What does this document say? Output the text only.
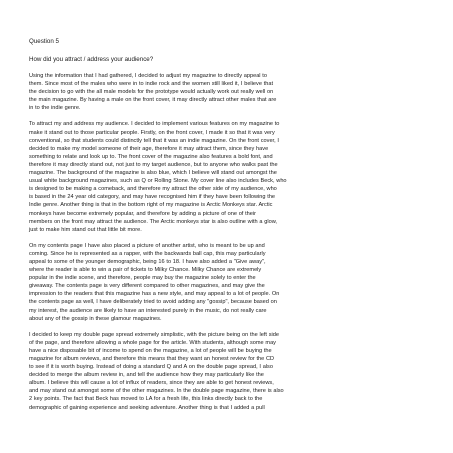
Question 5
How did you attract / address your audience?
Using the information that I had gathered, I decided to adjust my magazine to directly appeal to
them. Since most of the males who were in to indie rock and the women still liked it, I believe that
the decision to go with the all male models for the prototype would actually work out really well on
the main magazine. By having a male on the front cover, it may directly attract other males that are
in to the indie genre.
To attract my and address my audience. I decided to implement various features on my magazine to
make it stand out to those particular people. Firstly, on the front cover, I made it so that it was very
conventional, so that students could distinctly tell that it was an indie magazine. On the front cover, I
decided to make my model someone of their age, therefore it may attract them, since they have
something to relate and look up to. The front cover of the magazine also features a bold font, and
therefore it may directly stand out, not just to my target audience, but to anyone who walks past the
magazine. The background of the magazine is also blue, which I believe will stand out amongst the
usual white background magazines, such as Q or Rolling Stone. My cover line also includes Beck, who
is designed to be making a comeback, and therefore my attract the other side of my audience, who
is based in the 24 year old category, and may have recognised him if they have been following the
Indie genre. Another thing is that in the bottom right of my magazine is Arctic Monkeys star. Arctic
monkeys have become extremely popular, and therefore by adding a picture of one of their
members on the front may attract the audience. The Arctic monkeys star is also outline with a glow,
just to make him stand out that little bit more.
On my contents page I have also placed a picture of another artist, who is meant to be up and
coming. Since he is represented as a rapper, with the backwards ball cap, this may particularly
appeal to some of the younger demographic, being 16 to 18. I have also added a "Give away",
where the reader is able to win a pair of tickets to Milky Chance. Milky Chance are extremely
popular in the indie scene, and therefore, people may buy the magazine solely to enter the
giveaway. The contents page is very different compared to other magazines, and may give the
impression to the readers that this magazine has a new style, and may appeal to a lot of people. On
the contents page as well, I have deliberately tried to avoid adding any "gossip", because based on
my interest, the audience are likely to have an interested purely in the music, do not really care
about any of the gossip in these glamour magazines.
I decided to keep my double page spread extremely simplistic, with the picture being on the left side
of the page, and therefore allowing a whole page for the article. With students, although some may
have a nice disposable bit of income to spend on the magazine, a lot of people will be buying the
magazine for album reviews, and therefore this means that they want an honest review for the CD
to see if it is worth buying. Instead of doing a standard Q and A on the double page spread, I also
decided to merge the album review in, and tell the audience how they may particularly like the
album. I believe this will cause a lot of influx of readers, since they are able to get honest reviews,
and may stand out amongst some of the other magazines. In the double page magazine, there is also
2 key points. The fact that Beck has moved to LA for a fresh life, this links directly back to the
demographic of gaining experience and seeking adventure. Another thing is that I added a pull
